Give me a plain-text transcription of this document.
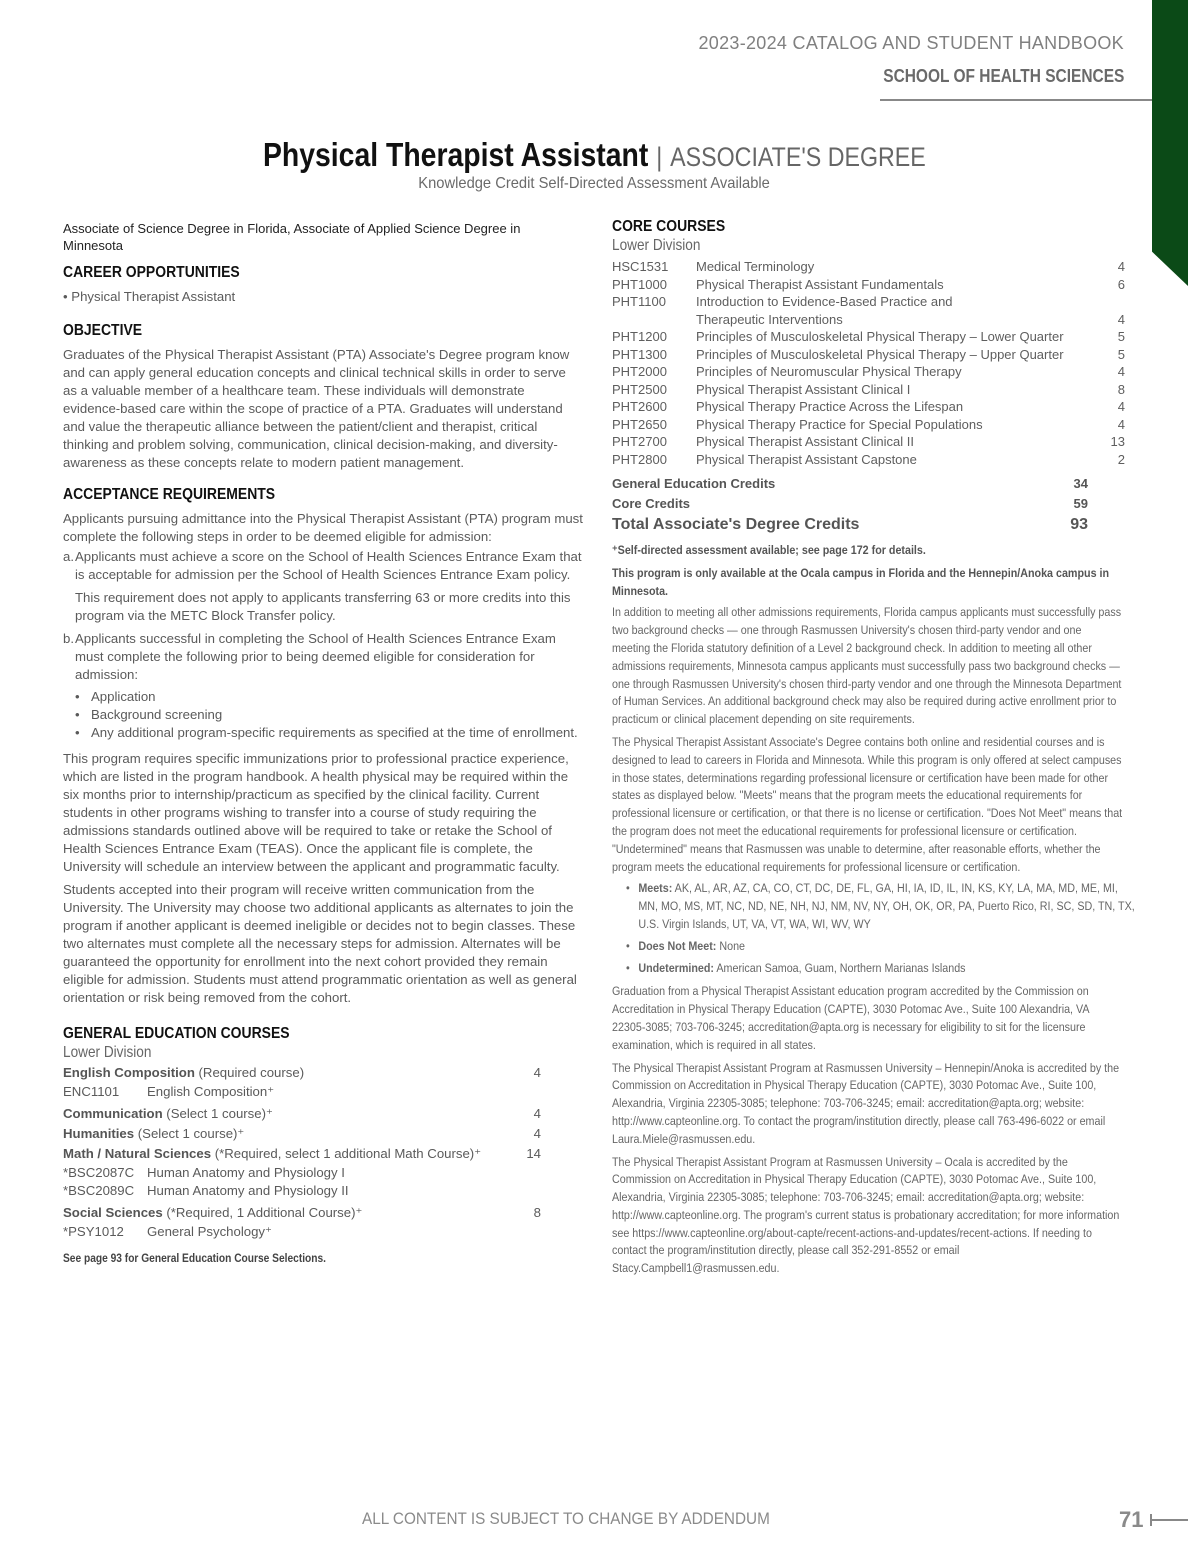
2023-2024 CATALOG AND STUDENT HANDBOOK
SCHOOL OF HEALTH SCIENCES
Physical Therapist Assistant | ASSOCIATE'S DEGREE
Knowledge Credit Self-Directed Assessment Available

Associate of Science Degree in Florida, Associate of Applied Science Degree in Minnesota

CAREER OPPORTUNITIES

• Physical Therapist Assistant

OBJECTIVE

Graduates of the Physical Therapist Assistant (PTA) Associate's Degree program know and can apply general education concepts and clinical technical skills in order to serve as a valuable member of a healthcare team. These individuals will demonstrate evidence-based care within the scope of practice of a PTA. Graduates will understand and value the therapeutic alliance between the patient/client and therapist, critical thinking and problem solving, communication, clinical decision-making, and diversity-awareness as these concepts relate to modern patient management.

ACCEPTANCE REQUIREMENTS

Applicants pursuing admittance into the Physical Therapist Assistant (PTA) program must complete the following steps in order to be deemed eligible for admission:

a. Applicants must achieve a score on the School of Health Sciences Entrance Exam that is acceptable for admission per the School of Health Sciences Entrance Exam policy.

This requirement does not apply to applicants transferring 63 or more credits into this program via the METC Block Transfer policy.

b. Applicants successful in completing the School of Health Sciences Entrance Exam must complete the following prior to being deemed eligible for consideration for admission:
• Application
• Background screening
• Any additional program-specific requirements as specified at the time of enrollment.

This program requires specific immunizations prior to professional practice experience, which are listed in the program handbook. A health physical may be required within the six months prior to internship/practicum as specified by the clinical facility. Current students in other programs wishing to transfer into a course of study requiring the admissions standards outlined above will be required to take or retake the School of Health Sciences Entrance Exam (TEAS). Once the applicant file is complete, the University will schedule an interview between the applicant and programmatic faculty.

Students accepted into their program will receive written communication from the University. The University may choose two additional applicants as alternates to join the program if another applicant is deemed ineligible or decides not to begin classes. These two alternates must complete all the necessary steps for admission. Alternates will be guaranteed the opportunity for enrollment into the next cohort provided they remain eligible for admission. Students must attend programmatic orientation as well as general orientation or risk being removed from the cohort.

GENERAL EDUCATION COURSES
Lower Division
English Composition (Required course)	4
ENC1101	English Composition⁺
Communication (Select 1 course)⁺	4
Humanities (Select 1 course)⁺	4
Math / Natural Sciences (*Required, select 1 additional Math Course)⁺	14
*BSC2087C Human Anatomy and Physiology I
*BSC2089C Human Anatomy and Physiology II
Social Sciences (*Required, 1 Additional Course)⁺	8
*PSY1012	General Psychology⁺
See page 93 for General Education Course Selections.
CORE COURSES
Lower Division
HSC1531	Medical Terminology	4
PHT1000	Physical Therapist Assistant Fundamentals	6
PHT1100	Introduction to Evidence-Based Practice and
Therapeutic Interventions	4
PHT1200	Principles of Musculoskeletal Physical Therapy – Lower Quarter	5
PHT1300	Principles of Musculoskeletal Physical Therapy – Upper Quarter	5
PHT2000	Principles of Neuromuscular Physical Therapy	4
PHT2500	Physical Therapist Assistant Clinical I	8
PHT2600	Physical Therapy Practice Across the Lifespan	4
PHT2650	Physical Therapy Practice for Special Populations	4
PHT2700	Physical Therapist Assistant Clinical II	13
PHT2800	Physical Therapist Assistant Capstone	2
General Education Credits	34
Core Credits	59
Total Associate's Degree Credits	93

⁺Self-directed assessment available; see page 172 for details.

This program is only available at the Ocala campus in Florida and the Hennepin/Anoka campus in Minnesota.

In addition to meeting all other admissions requirements, Florida campus applicants must successfully pass two background checks — one through Rasmussen University's chosen third-party vendor and one meeting the Florida statutory definition of a Level 2 background check. In addition to meeting all other admissions requirements, Minnesota campus applicants must successfully pass two background checks — one through Rasmussen University's chosen third-party vendor and one through the Minnesota Department of Human Services. An additional background check may also be required during active enrollment prior to practicum or clinical placement depending on site requirements.

The Physical Therapist Assistant Associate's Degree contains both online and residential courses and is designed to lead to careers in Florida and Minnesota. While this program is only offered at select campuses in those states, determinations regarding professional licensure or certification have been made for other states as displayed below. "Meets" means that the program meets the educational requirements for professional licensure or certification, or that there is no license or certification. "Does Not Meet" means that the program does not meet the educational requirements for professional licensure or certification. "Undetermined" means that Rasmussen was unable to determine, after reasonable efforts, whether the program meets the educational requirements for professional licensure or certification.

• Meets: AK, AL, AR, AZ, CA, CO, CT, DC, DE, FL, GA, HI, IA, ID, IL, IN, KS, KY, LA, MA, MD, ME, MI, MN, MO, MS, MT, NC, ND, NE, NH, NJ, NM, NV, NY, OH, OK, OR, PA, Puerto Rico, RI, SC, SD, TN, TX, U.S. Virgin Islands, UT, VA, VT, WA, WI, WV, WY
• Does Not Meet: None
• Undetermined: American Samoa, Guam, Northern Marianas Islands

Graduation from a Physical Therapist Assistant education program accredited by the Commission on Accreditation in Physical Therapy Education (CAPTE), 3030 Potomac Ave., Suite 100 Alexandria, VA 22305-3085; 703-706-3245; accreditation@apta.org is necessary for eligibility to sit for the licensure examination, which is required in all states.

The Physical Therapist Assistant Program at Rasmussen University – Hennepin/Anoka is accredited by the Commission on Accreditation in Physical Therapy Education (CAPTE), 3030 Potomac Ave., Suite 100, Alexandria, Virginia 22305-3085; telephone: 703-706-3245; email: accreditation@apta.org; website: http://www.capteonline.org. To contact the program/institution directly, please call 763-496-6022 or email Laura.Miele@rasmussen.edu.

The Physical Therapist Assistant Program at Rasmussen University – Ocala is accredited by the Commission on Accreditation in Physical Therapy Education (CAPTE), 3030 Potomac Ave., Suite 100, Alexandria, Virginia 22305-3085; telephone: 703-706-3245; email: accreditation@apta.org; website: http://www.capteonline.org. The program's current status is probationary accreditation; for more information see https://www.capteonline.org/about-capte/recent-actions-and-updates/recent-actions. If needing to contact the program/institution directly, please call 352-291-8552 or email Stacy.Campbell1@rasmussen.edu.

ALL CONTENT IS SUBJECT TO CHANGE BY ADDENDUM	71
